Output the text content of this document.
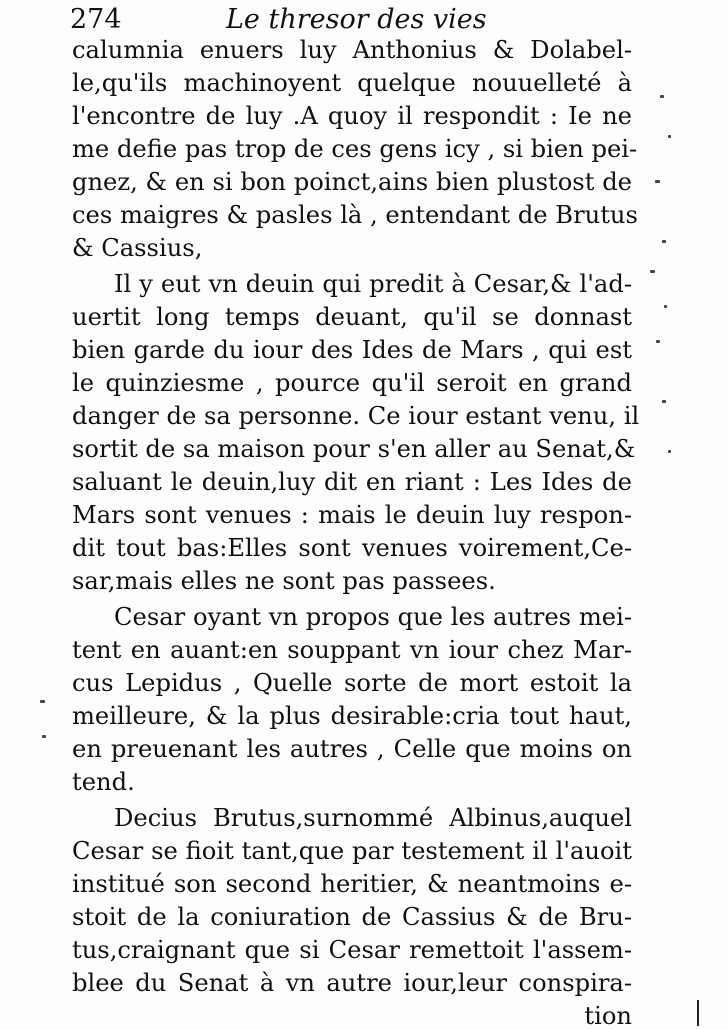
274	Le thresor des vies
calumnia enuers luy Anthonius & Dolabel-
le,qu'ils machinoyent quelque nouuelleté à
l'encontre de luy .A quoy il respondit : Ie ne
me defie pas trop de ces gens icy , si bien pei-
gnez, & en si bon poinct,ains bien plustost de
ces maigres & pasles là , entendant de Brutus
& Cassius,
Il y eut vn deuin qui predit à Cesar,& l'ad-
uertit long temps deuant, qu'il se donnast
bien garde du iour des Ides de Mars , qui est
le quinziesme , pource qu'il seroit en grand
danger de sa personne. Ce iour estant venu, il
sortit de sa maison pour s'en aller au Senat,&
saluant le deuin,luy dit en riant : Les Ides de
Mars sont venues : mais le deuin luy respon-
dit tout bas:Elles sont venues voirement,Ce-
sar,mais elles ne sont pas passees.
Cesar oyant vn propos que les autres mei-
tent en auant:en souppant vn iour chez Mar-
cus Lepidus , Quelle sorte de mort estoit la
meilleure, & la plus desirable:cria tout haut,
en preuenant les autres , Celle que moins on
tend.
Decius Brutus,surnommé Albinus,auquel
Cesar se fioit tant,que par testement il l'auoit
institué son second heritier, & neantmoins e-
stoit de la coniuration de Cassius & de Bru-
tus,craignant que si Cesar remettoit l'assem-
blee du Senat à vn autre iour,leur conspira-
tion
